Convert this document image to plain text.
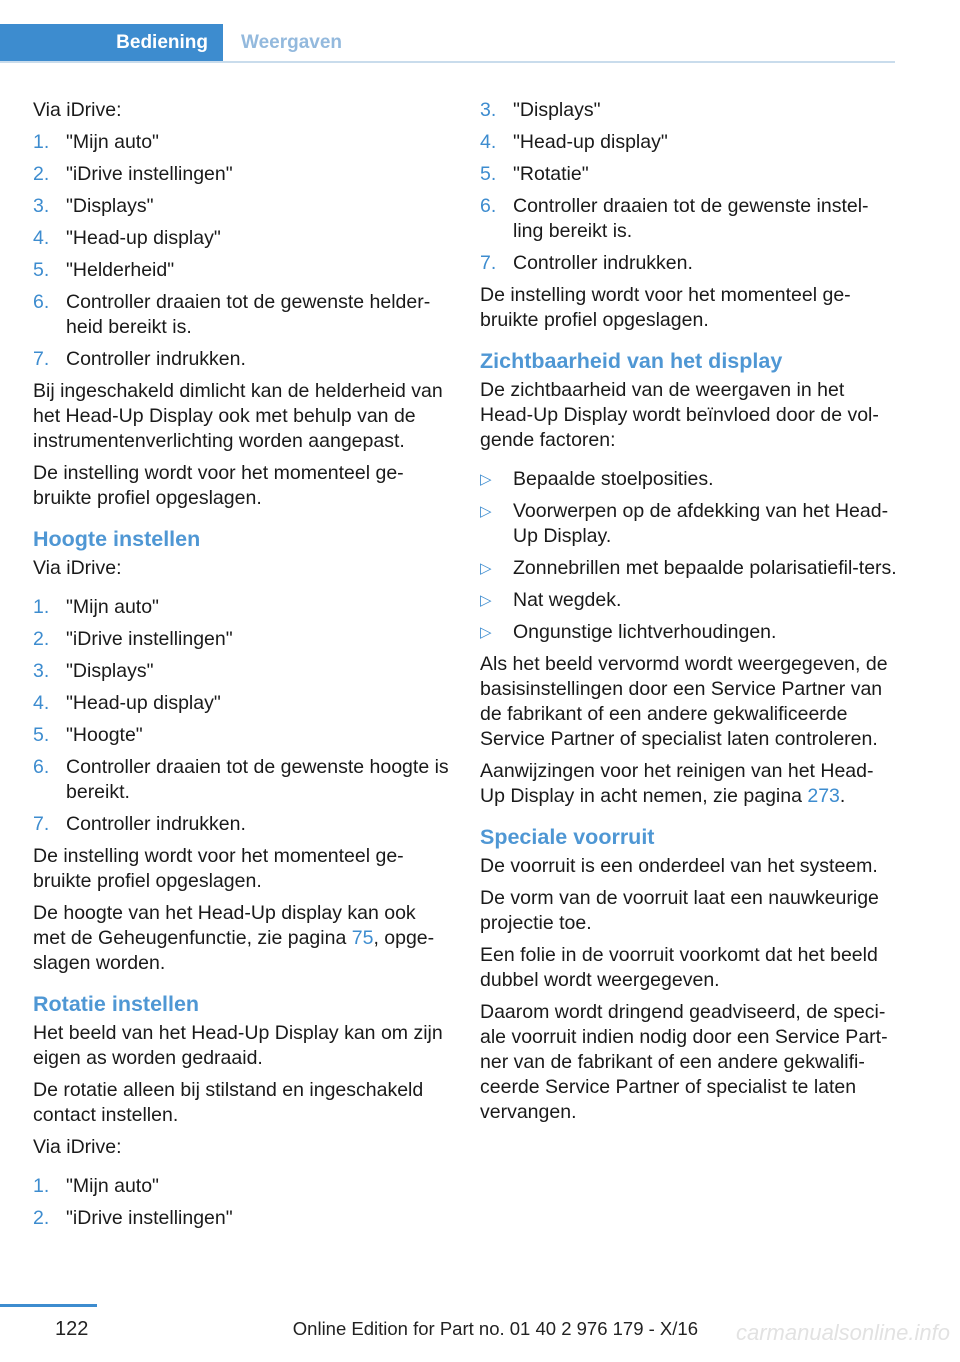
Bediening	Weergaven

Via iDrive:

1. "Mijn auto"
2. "iDrive instellingen"
3. "Displays"
4. "Head-up display"
5. "Helderheid"
6. Controller draaien tot de gewenste helder-heid bereikt is.
7. Controller indrukken.

Bij ingeschakeld dimlicht kan de helderheid van het Head-Up Display ook met behulp van de instrumentenverlichting worden aangepast.

De instelling wordt voor het momenteel ge-bruikte profiel opgeslagen.

Hoogte instellen

Via iDrive:

1. "Mijn auto"
2. "iDrive instellingen"
3. "Displays"
4. "Head-up display"
5. "Hoogte"
6. Controller draaien tot de gewenste hoogte is bereikt.
7. Controller indrukken.

De instelling wordt voor het momenteel ge-bruikte profiel opgeslagen.

De hoogte van het Head-Up display kan ook met de Geheugenfunctie, zie pagina 75, opge-slagen worden.

Rotatie instellen

Het beeld van het Head-Up Display kan om zijn eigen as worden gedraaid.

De rotatie alleen bij stilstand en ingeschakeld contact instellen.

Via iDrive:

1. "Mijn auto"
2. "iDrive instellingen"
3. "Displays"
4. "Head-up display"
5. "Rotatie"
6. Controller draaien tot de gewenste instel-ling bereikt is.
7. Controller indrukken.

De instelling wordt voor het momenteel ge-bruikte profiel opgeslagen.

Zichtbaarheid van het display

De zichtbaarheid van de weergaven in het Head-Up Display wordt beïnvloed door de vol-gende factoren:

▷ Bepaalde stoelposities.
▷ Voorwerpen op de afdekking van het Head-Up Display.
▷ Zonnebrillen met bepaalde polarisatiefil-ters.
▷ Nat wegdek.
▷ Ongunstige lichtverhoudingen.

Als het beeld vervormd wordt weergegeven, de basisinstellingen door een Service Partner van de fabrikant of een andere gekwalificeerde Service Partner of specialist laten controleren.

Aanwijzingen voor het reinigen van het Head-Up Display in acht nemen, zie pagina 273.

Speciale voorruit

De voorruit is een onderdeel van het systeem.

De vorm van de voorruit laat een nauwkeurige projectie toe.

Een folie in de voorruit voorkomt dat het beeld dubbel wordt weergegeven.

Daarom wordt dringend geadviseerd, de speci-ale voorruit indien nodig door een Service Part-ner van de fabrikant of een andere gekwalifi-ceerde Service Partner of specialist te laten vervangen.

122	Online Edition for Part no. 01 40 2 976 179 - X/16 carmanualsonline.info
